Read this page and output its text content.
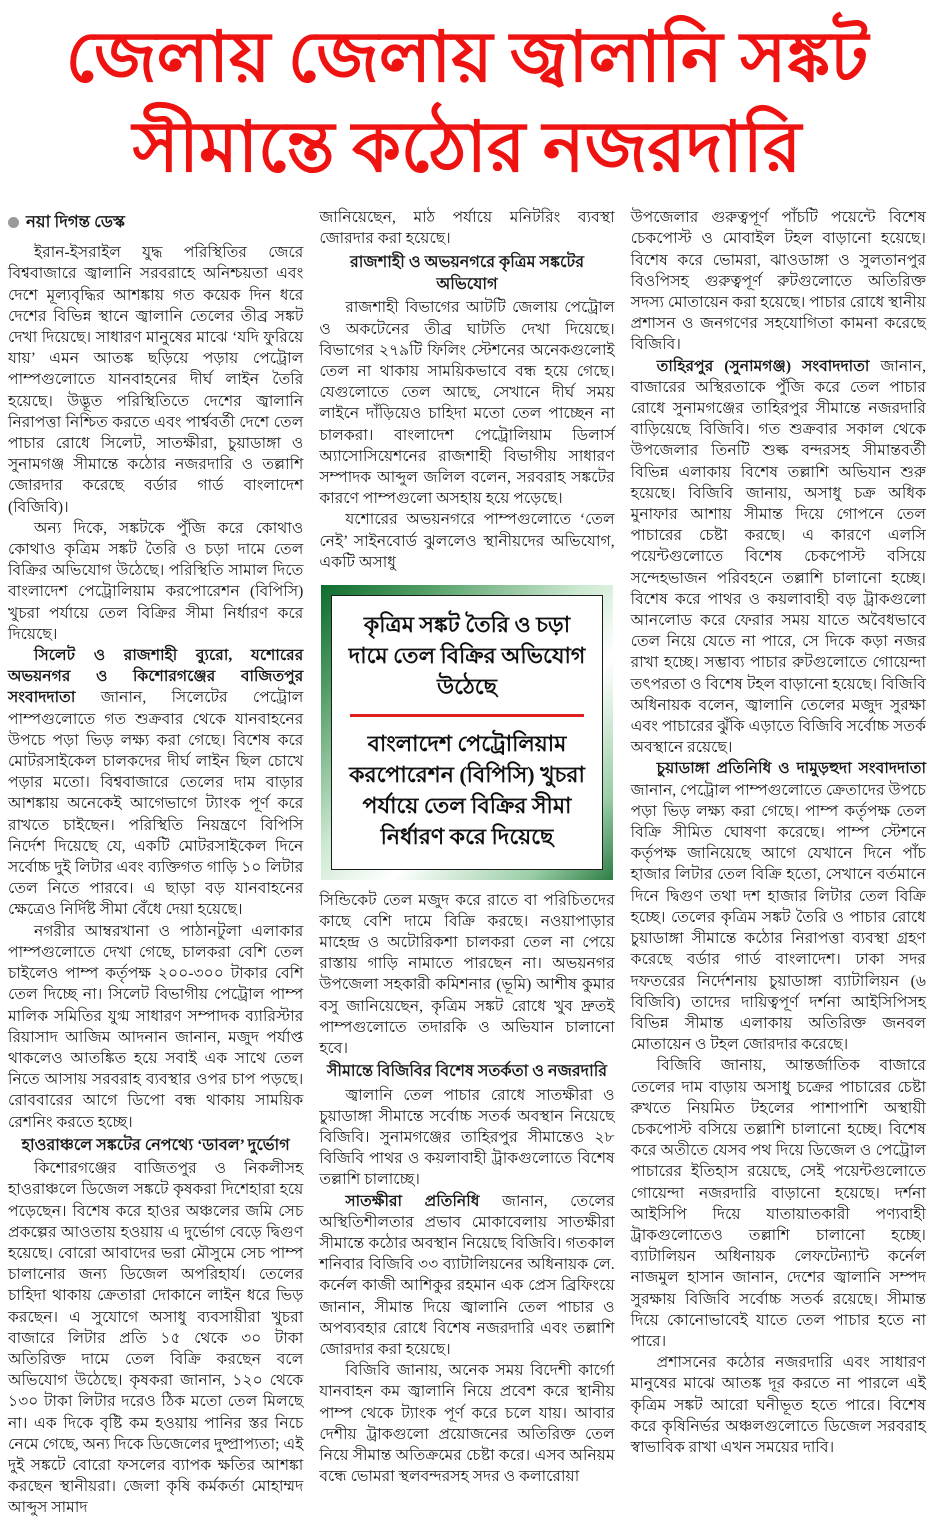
জেলায় জেলায় জ্বালানি সঙ্কট
সীমান্তে কঠোর নজরদারি
নয়া দিগন্ত ডেস্ক

ইরান-ইসরাইল যুদ্ধ পরিস্থিতির জেরে বিশ্ববাজারে জ্বালানি সরবরাহে অনিশ্চয়তা এবং দেশে মূল্যবৃদ্ধির আশঙ্কায় গত কয়েক দিন ধরে দেশের বিভিন্ন স্থানে জ্বালানি তেলের তীব্র সঙ্কট দেখা দিয়েছে। সাধারণ মানুষের মাঝে ‘যদি ফুরিয়ে যায়’ এমন আতঙ্ক ছড়িয়ে পড়ায় পেট্রোল পাম্পগুলোতে যানবাহনের দীর্ঘ লাইন তৈরি হয়েছে। উদ্ভূত পরিস্থিতিতে দেশের জ্বালানি নিরাপত্তা নিশ্চিত করতে এবং পার্শ্ববর্তী দেশে তেল পাচার রোধে সিলেট, সাতক্ষীরা, চুয়াডাঙ্গা ও সুনামগঞ্জ সীমান্তে কঠোর নজরদারি ও তল্লাশি জোরদার করেছে বর্ডার গার্ড বাংলাদেশ (বিজিবি)।

অন্য দিকে, সঙ্কটকে পুঁজি করে কোথাও কোথাও কৃত্রিম সঙ্কট তৈরি ও চড়া দামে তেল বিক্রির অভিযোগ উঠেছে। পরিস্থিতি সামাল দিতে বাংলাদেশ পেট্রোলিয়াম করপোরেশন (বিপিসি) খুচরা পর্যায়ে তেল বিক্রির সীমা নির্ধারণ করে দিয়েছে।

সিলেট ও রাজশাহী ব্যুরো, যশোরের অভয়নগর ও কিশোরগঞ্জের বাজিতপুর সংবাদদাতা জানান, সিলেটের পেট্রোল পাম্পগুলোতে গত শুক্রবার থেকে যানবাহনের উপচে পড়া ভিড় লক্ষ্য করা গেছে। বিশেষ করে মোটরসাইকেল চালকদের দীর্ঘ লাইন ছিল চোখে পড়ার মতো। বিশ্ববাজারে তেলের দাম বাড়ার আশঙ্কায় অনেকেই আগেভাগে ট্যাংক পূর্ণ করে রাখতে চাইছেন। পরিস্থিতি নিয়ন্ত্রণে বিপিসি নির্দেশ দিয়েছে যে, একটি মোটরসাইকেল দিনে সর্বোচ্চ দুই লিটার এবং ব্যক্তিগত গাড়ি ১০ লিটার তেল নিতে পারবে। এ ছাড়া বড় যানবাহনের ক্ষেত্রেও নির্দিষ্ট সীমা বেঁধে দেয়া হয়েছে।

নগরীর আম্বরখানা ও পাঠানটুলা এলাকার পাম্পগুলোতে দেখা গেছে, চালকরা বেশি তেল চাইলেও পাম্প কর্তৃপক্ষ ২০০-৩০০ টাকার বেশি তেল দিচ্ছে না। সিলেট বিভাগীয় পেট্রোল পাম্প মালিক সমিতির যুগ্ম সাধারণ সম্পাদক ব্যারিস্টার রিয়াসাদ আজিম আদনান জানান, মজুদ পর্যাপ্ত থাকলেও আতঙ্কিত হয়ে সবাই এক সাথে তেল নিতে আসায় সরবরাহ ব্যবস্থার ওপর চাপ পড়ছে। রোববারের আগে ডিপো বন্ধ থাকায় সাময়িক রেশনিং করতে হচ্ছে।

হাওরাঞ্চলে সঙ্কটের নেপথ্যে ‘ডাবল’ দুর্ভোগ

কিশোরগঞ্জের বাজিতপুর ও নিকলীসহ হাওরাঞ্চলে ডিজেল সঙ্কটে কৃষকরা দিশেহারা হয়ে পড়েছেন। বিশেষ করে হাওর অঞ্চলের জমি সেচ প্রকল্পের আওতায় হওয়ায় এ দুর্ভোগ বেড়ে দ্বিগুণ হয়েছে। বোরো আবাদের ভরা মৌসুমে সেচ পাম্প চালানোর জন্য ডিজেল অপরিহার্য। তেলের চাহিদা থাকায় ক্রেতারা দোকানে লাইন ধরে ভিড় করছেন। এ সুযোগে অসাধু ব্যবসায়ীরা খুচরা বাজারে লিটার প্রতি ১৫ থেকে ৩০ টাকা অতিরিক্ত দামে তেল বিক্রি করছেন বলে অভিযোগ উঠেছে। কৃষকরা জানান, ১২০ থেকে ১৩০ টাকা লিটার দরেও ঠিক মতো তেল মিলছে না। এক দিকে বৃষ্টি কম হওয়ায় পানির স্তর নিচে নেমে গেছে, অন্য দিকে ডিজেলের দুষ্প্রাপ্যতা; এই দুই সঙ্কটে বোরো ফসলের ব্যাপক ক্ষতির আশঙ্কা করছেন স্থানীয়রা। জেলা কৃষি কর্মকর্তা মোহাম্মদ আব্দুস সামাদ

জানিয়েছেন, মাঠ পর্যায়ে মনিটরিং ব্যবস্থা জোরদার করা হয়েছে।

রাজশাহী ও অভয়নগরে কৃত্রিম সঙ্কটের অভিযোগ

রাজশাহী বিভাগের আটটি জেলায় পেট্রোল ও অকটেনের তীব্র ঘাটতি দেখা দিয়েছে। বিভাগের ২৭৯টি ফিলিং স্টেশনের অনেকগুলোই তেল না থাকায় সাময়িকভাবে বন্ধ হয়ে গেছে। যেগুলোতে তেল আছে, সেখানে দীর্ঘ সময় লাইনে দাঁড়িয়েও চাহিদা মতো তেল পাচ্ছেন না চালকরা। বাংলাদেশ পেট্রোলিয়াম ডিলার্স অ্যাসোসিয়েশনের রাজশাহী বিভাগীয় সাধারণ সম্পাদক আব্দুল জলিল বলেন, সরবরাহ সঙ্কটের কারণে পাম্পগুলো অসহায় হয়ে পড়েছে।

যশোরের অভয়নগরে পাম্পগুলোতে ‘তেল নেই’ সাইনবোর্ড ঝুললেও স্থানীয়দের অভিযোগ, একটি অসাধু

কৃত্রিম সঙ্কট তৈরি ও চড়া দামে তেল বিক্রির অভিযোগ উঠেছে
বাংলাদেশ পেট্রোলিয়াম করপোরেশন (বিপিসি) খুচরা পর্যায়ে তেল বিক্রির সীমা নির্ধারণ করে দিয়েছে

সিন্ডিকেট তেল মজুদ করে রাতে বা পরিচিতদের কাছে বেশি দামে বিক্রি করছে। নওয়াপাড়ার মাহেন্দ্র ও অটোরিকশা চালকরা তেল না পেয়ে রাস্তায় গাড়ি নামাতে পারছেন না। অভয়নগর উপজেলা সহকারী কমিশনার (ভূমি) আশীষ কুমার বসু জানিয়েছেন, কৃত্রিম সঙ্কট রোধে খুব দ্রুতই পাম্পগুলোতে তদারকি ও অভিযান চালানো হবে।

সীমান্তে বিজিবির বিশেষ সতর্কতা ও নজরদারি

জ্বালানি তেল পাচার রোধে সাতক্ষীরা ও চুয়াডাঙ্গা সীমান্তে সর্বোচ্চ সতর্ক অবস্থান নিয়েছে বিজিবি। সুনামগঞ্জের তাহিরপুর সীমান্তেও ২৮ বিজিবি পাথর ও কয়লাবাহী ট্রাকগুলোতে বিশেষ তল্লাশি চালাচ্ছে।

সাতক্ষীরা প্রতিনিধি জানান, তেলের অস্থিতিশীলতার প্রভাব মোকাবেলায় সাতক্ষীরা সীমান্তে কঠোর অবস্থান নিয়েছে বিজিবি। গতকাল শনিবার বিজিবি ৩৩ ব্যাটালিয়নের অধিনায়ক লে. কর্নেল কাজী আশিকুর রহমান এক প্রেস ব্রিফিংয়ে জানান, সীমান্ত দিয়ে জ্বালানি তেল পাচার ও অপব্যবহার রোধে বিশেষ নজরদারি এবং তল্লাশি জোরদার করা হয়েছে।

বিজিবি জানায়, অনেক সময় বিদেশী কার্গো যানবাহন কম জ্বালানি নিয়ে প্রবেশ করে স্থানীয় পাম্প থেকে ট্যাংক পূর্ণ করে চলে যায়। আবার দেশীয় ট্রাকগুলো প্রয়োজনের অতিরিক্ত তেল নিয়ে সীমান্ত অতিক্রমের চেষ্টা করে। এসব অনিয়ম বন্ধে ভোমরা স্থলবন্দরসহ সদর ও কলারোয়া

উপজেলার গুরুত্বপূর্ণ পাঁচটি পয়েন্টে বিশেষ চেকপোস্ট ও মোবাইল টহল বাড়ানো হয়েছে। বিশেষ করে ভোমরা, ঝাওডাঙ্গা ও সুলতানপুর বিওপিসহ গুরুত্বপূর্ণ রুটগুলোতে অতিরিক্ত সদস্য মোতায়েন করা হয়েছে। পাচার রোধে স্থানীয় প্রশাসন ও জনগণের সহযোগিতা কামনা করেছে বিজিবি।

তাহিরপুর (সুনামগঞ্জ) সংবাদদাতা জানান, বাজারের অস্থিরতাকে পুঁজি করে তেল পাচার রোধে সুনামগঞ্জের তাহিরপুর সীমান্তে নজরদারি বাড়িয়েছে বিজিবি। গত শুক্রবার সকাল থেকে উপজেলার তিনটি শুল্ক বন্দরসহ সীমান্তবর্তী বিভিন্ন এলাকায় বিশেষ তল্লাশি অভিযান শুরু হয়েছে। বিজিবি জানায়, অসাধু চক্র অধিক মুনাফার আশায় সীমান্ত দিয়ে গোপনে তেল পাচারের চেষ্টা করছে। এ কারণে এলসি পয়েন্টগুলোতে বিশেষ চেকপোস্ট বসিয়ে সন্দেহভাজন পরিবহনে তল্লাশি চালানো হচ্ছে। বিশেষ করে পাথর ও কয়লাবাহী বড় ট্রাকগুলো আনলোড করে ফেরার সময় যাতে অবৈধভাবে তেল নিয়ে যেতে না পারে, সে দিকে কড়া নজর রাখা হচ্ছে। সম্ভাব্য পাচার রুটগুলোতে গোয়েন্দা তৎপরতা ও বিশেষ টহল বাড়ানো হয়েছে। বিজিবি অধিনায়ক বলেন, জ্বালানি তেলের মজুদ সুরক্ষা এবং পাচারের ঝুঁকি এড়াতে বিজিবি সর্বোচ্চ সতর্ক অবস্থানে রয়েছে।

চুয়াডাঙ্গা প্রতিনিধি ও দামুড়হুদা সংবাদদাতা জানান, পেট্রোল পাম্পগুলোতে ক্রেতাদের উপচে পড়া ভিড় লক্ষ্য করা গেছে। পাম্প কর্তৃপক্ষ তেল বিক্রি সীমিত ঘোষণা করেছে। পাম্প স্টেশনে কর্তৃপক্ষ জানিয়েছে আগে যেখানে দিনে পাঁচ হাজার লিটার তেল বিক্রি হতো, সেখানে বর্তমানে দিনে দ্বিগুণ তথা দশ হাজার লিটার তেল বিক্রি হচ্ছে। তেলের কৃত্রিম সঙ্কট তৈরি ও পাচার রোধে চুয়াডাঙ্গা সীমান্তে কঠোর নিরাপত্তা ব্যবস্থা গ্রহণ করেছে বর্ডার গার্ড বাংলাদেশ। ঢাকা সদর দফতরের নির্দেশনায় চুয়াডাঙ্গা ব্যাটালিয়ন (৬ বিজিবি) তাদের দায়িত্বপূর্ণ দর্শনা আইসিপিসহ বিভিন্ন সীমান্ত এলাকায় অতিরিক্ত জনবল মোতায়েন ও টহল জোরদার করেছে।

বিজিবি জানায়, আন্তর্জাতিক বাজারে তেলের দাম বাড়ায় অসাধু চক্রের পাচারের চেষ্টা রুখতে নিয়মিত টহলের পাশাপাশি অস্থায়ী চেকপোস্ট বসিয়ে তল্লাশি চালানো হচ্ছে। বিশেষ করে অতীতে যেসব পথ দিয়ে ডিজেল ও পেট্রোল পাচারের ইতিহাস রয়েছে, সেই পয়েন্টগুলোতে গোয়েন্দা নজরদারি বাড়ানো হয়েছে। দর্শনা আইসিপি দিয়ে যাতায়াতকারী পণ্যবাহী ট্রাকগুলোতেও তল্লাশি চালানো হচ্ছে। ব্যাটালিয়ন অধিনায়ক লেফটেন্যান্ট কর্নেল নাজমুল হাসান জানান, দেশের জ্বালানি সম্পদ সুরক্ষায় বিজিবি সর্বোচ্চ সতর্ক রয়েছে। সীমান্ত দিয়ে কোনোভাবেই যাতে তেল পাচার হতে না পারে।

প্রশাসনের কঠোর নজরদারি এবং সাধারণ মানুষের মাঝে আতঙ্ক দূর করতে না পারলে এই কৃত্রিম সঙ্কট আরো ঘনীভূত হতে পারে। বিশেষ করে কৃষিনির্ভর অঞ্চলগুলোতে ডিজেল সরবরাহ স্বাভাবিক রাখা এখন সময়ের দাবি।
